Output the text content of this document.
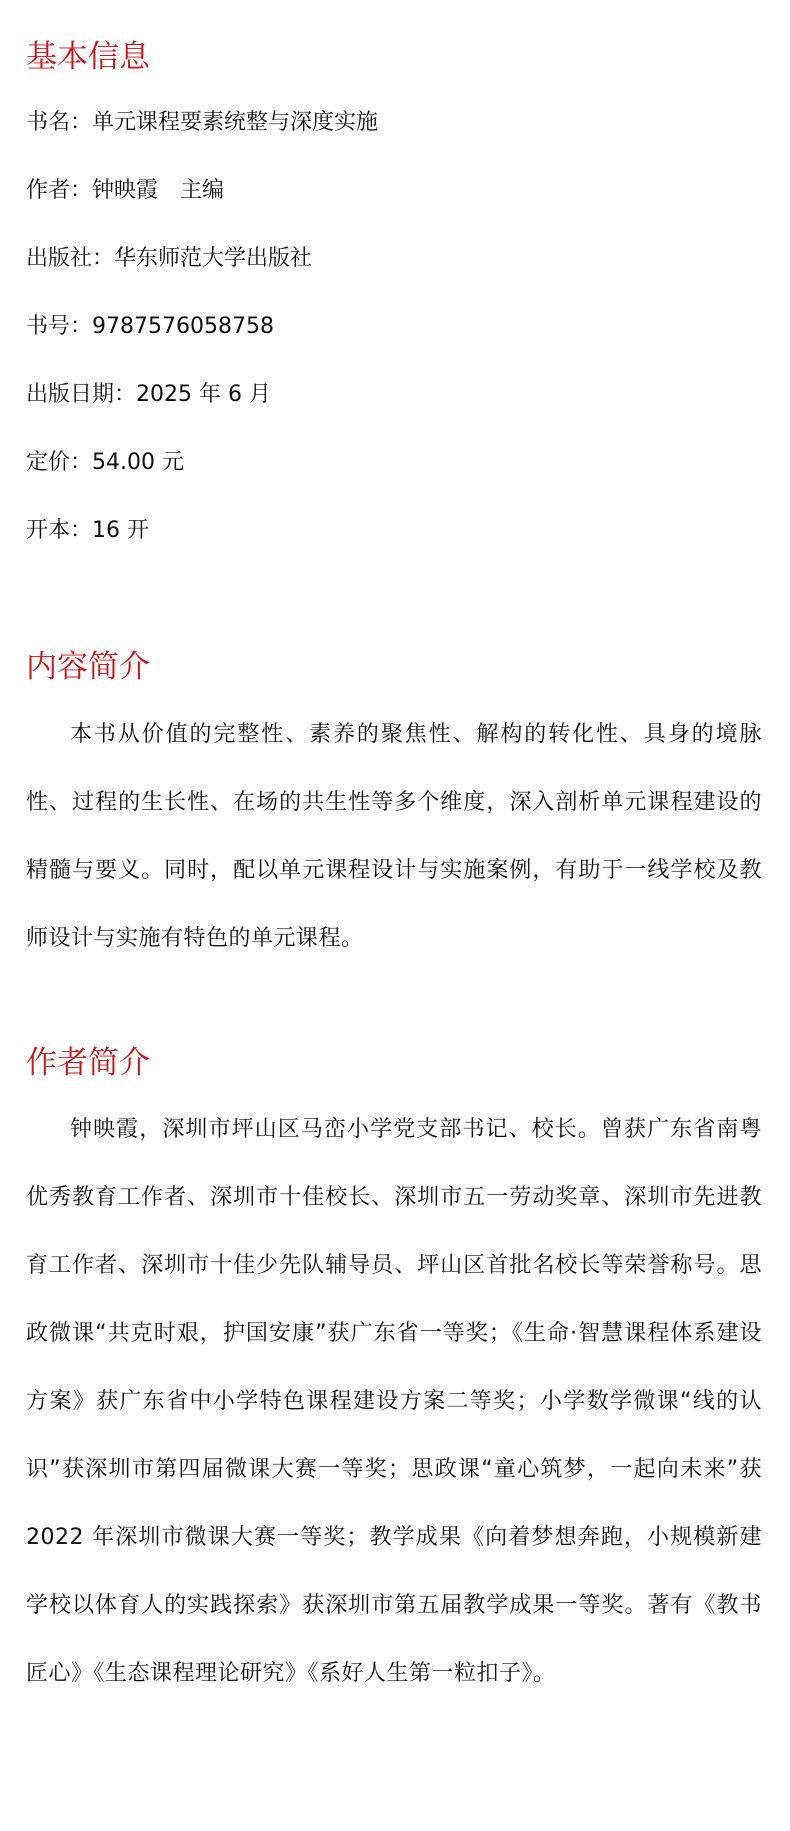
基本信息

书名：单元课程要素统整与深度实施

作者：钟映霞　主编

出版社：华东师范大学出版社

书号：9787576058758

出版日期：2025 年 6 月

定价：54.00 元

开本：16 开

内容简介

本书从价值的完整性、素养的聚焦性、解构的转化性、具身的境脉性、过程的生长性、在场的共生性等多个维度，深入剖析单元课程建设的精髓与要义。同时，配以单元课程设计与实施案例，有助于一线学校及教师设计与实施有特色的单元课程。

作者简介

钟映霞，深圳市坪山区马峦小学党支部书记、校长。曾获广东省南粤优秀教育工作者、深圳市十佳校长、深圳市五一劳动奖章、深圳市先进教育工作者、深圳市十佳少先队辅导员、坪山区首批名校长等荣誉称号。思政微课“共克时艰，护国安康”获广东省一等奖；《生命·智慧课程体系建设方案》获广东省中小学特色课程建设方案二等奖；小学数学微课“线的认识”获深圳市第四届微课大赛一等奖；思政课“童心筑梦，一起向未来”获 2022 年深圳市微课大赛一等奖；教学成果《向着梦想奔跑，小规模新建学校以体育人的实践探索》获深圳市第五届教学成果一等奖。著有《教书匠心》《生态课程理论研究》《系好人生第一粒扣子》。
